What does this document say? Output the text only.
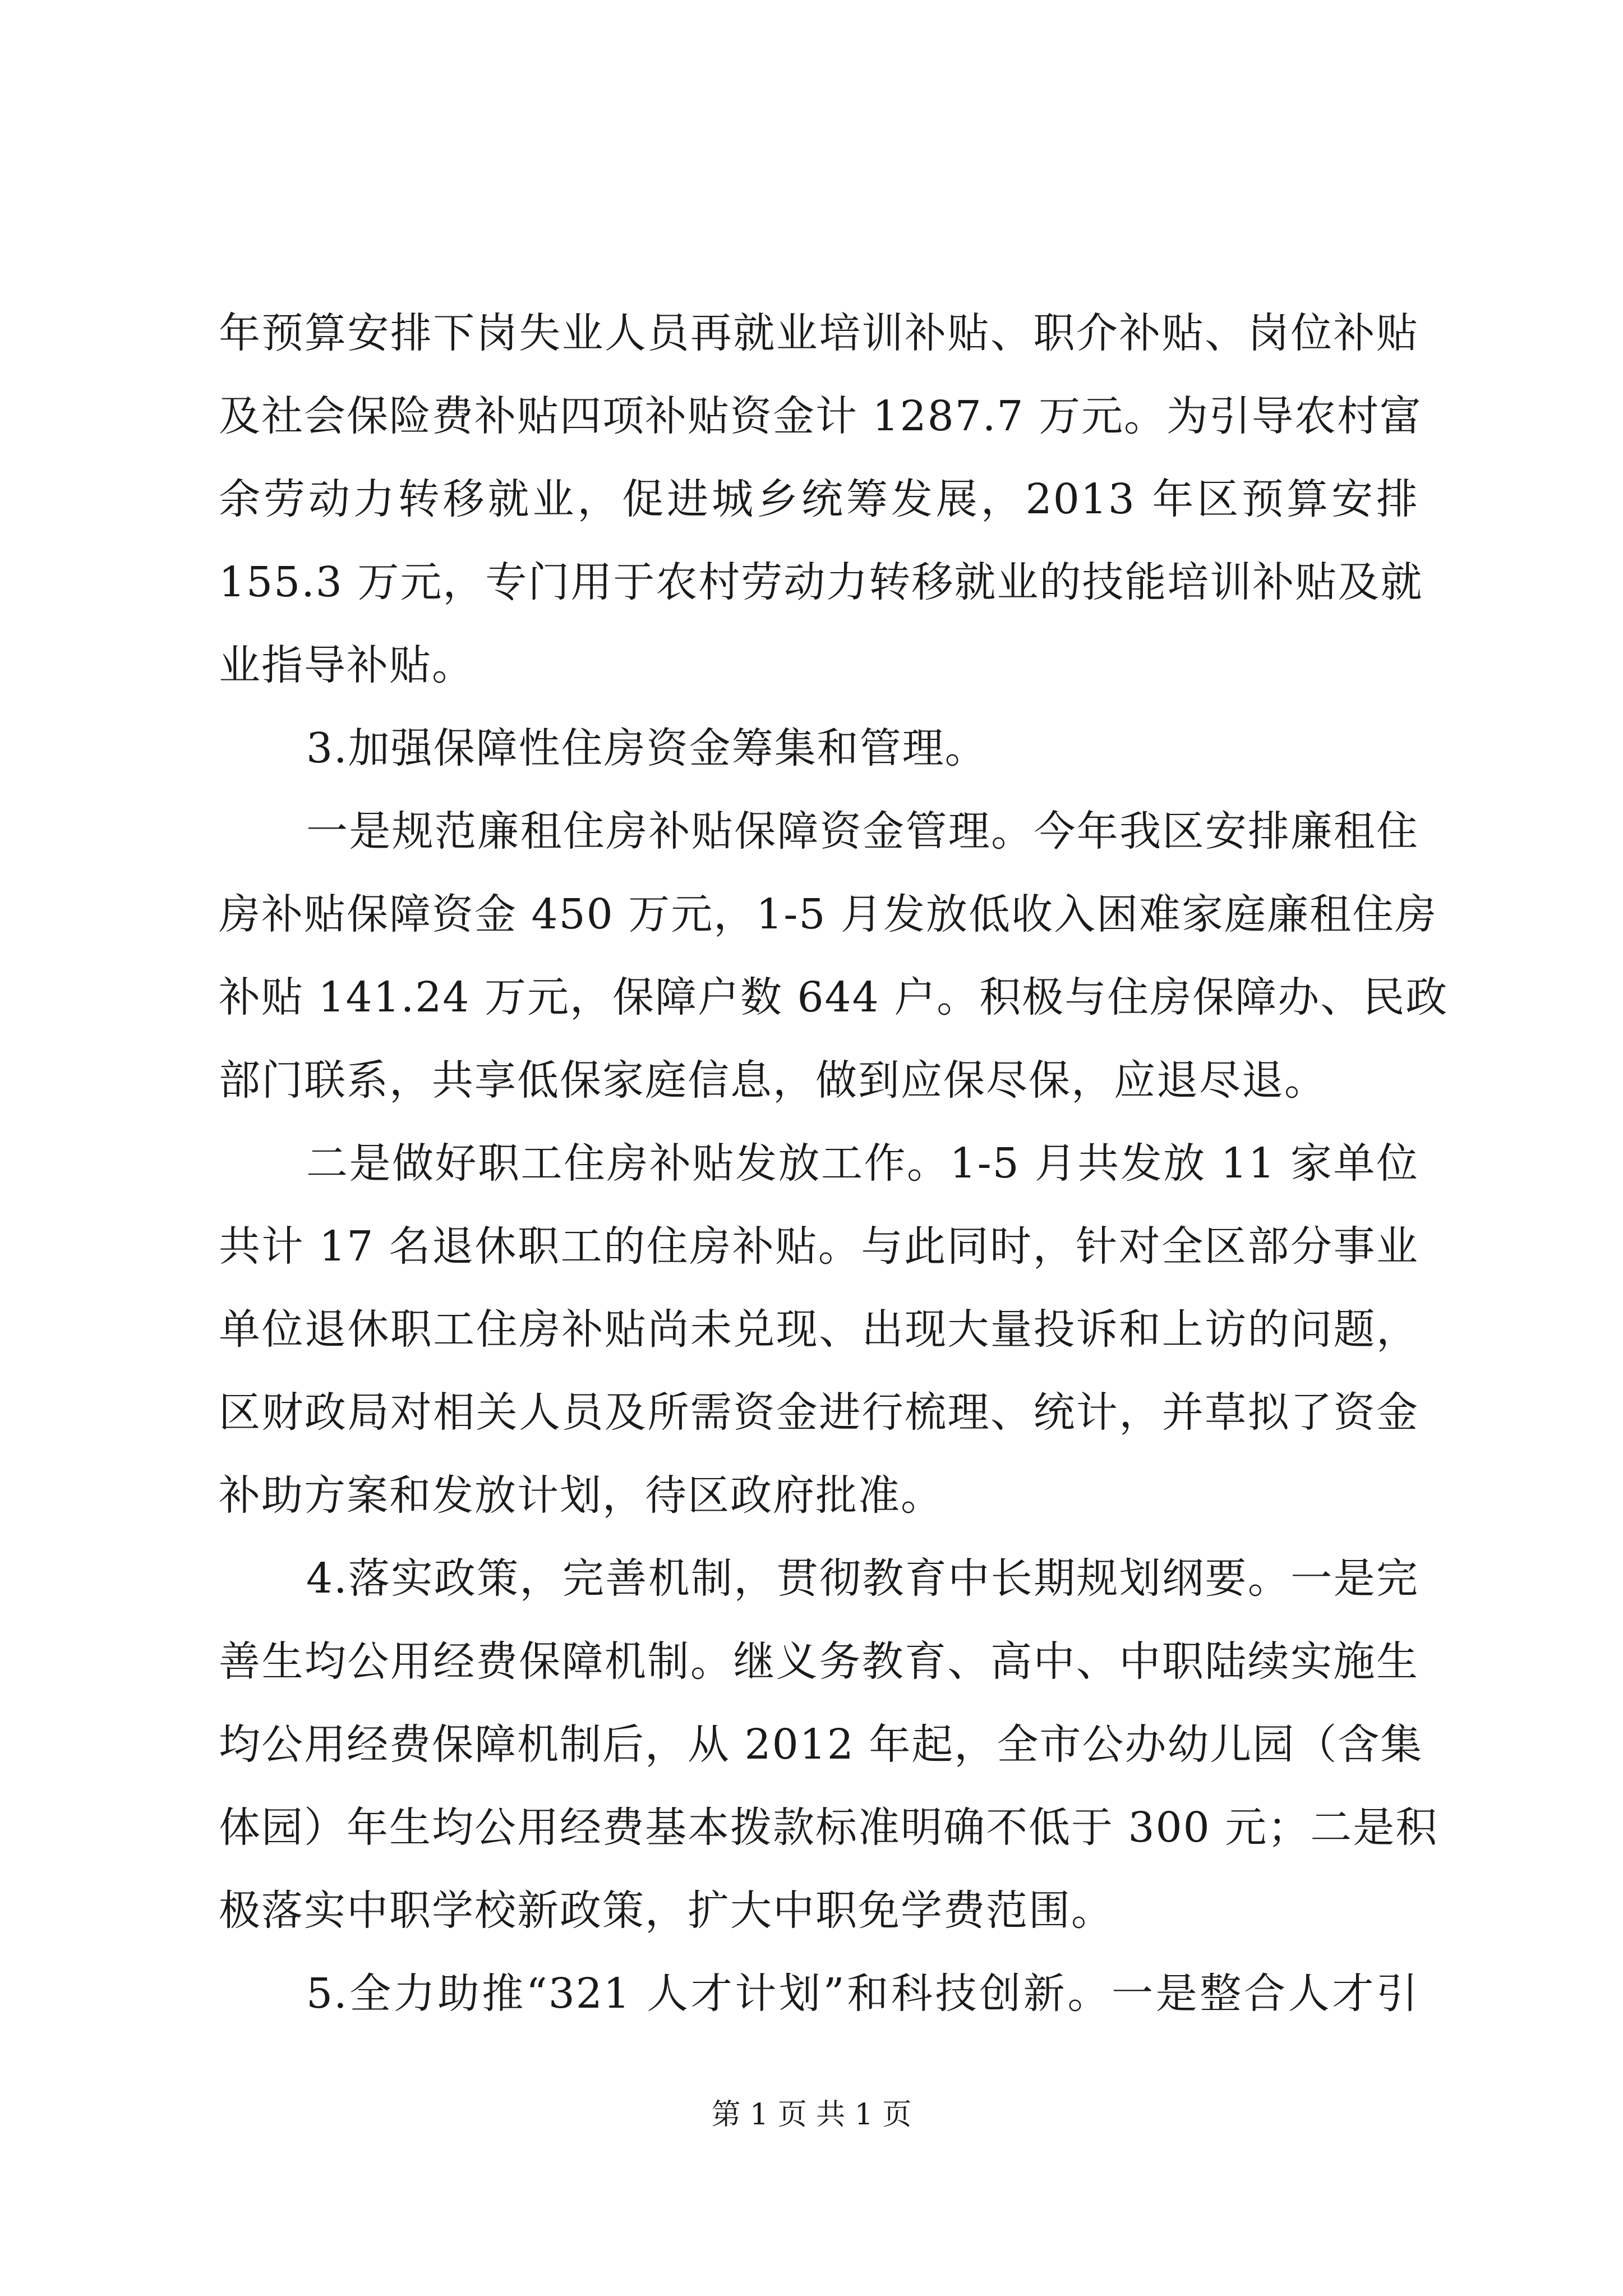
年预算安排下岗失业人员再就业培训补贴、职介补贴、岗位补贴
及社会保险费补贴四项补贴资金计 1287.7 万元。为引导农村富
余劳动力转移就业，促进城乡统筹发展，2013 年区预算安排
155.3 万元，专门用于农村劳动力转移就业的技能培训补贴及就
业指导补贴。
3.加强保障性住房资金筹集和管理。
一是规范廉租住房补贴保障资金管理。今年我区安排廉租住
房补贴保障资金 450 万元，1-5 月发放低收入困难家庭廉租住房
补贴 141.24 万元，保障户数 644 户。积极与住房保障办、民政
部门联系，共享低保家庭信息，做到应保尽保，应退尽退。
二是做好职工住房补贴发放工作。1-5 月共发放 11 家单位
共计 17 名退休职工的住房补贴。与此同时，针对全区部分事业
单位退休职工住房补贴尚未兑现、出现大量投诉和上访的问题，
区财政局对相关人员及所需资金进行梳理、统计，并草拟了资金
补助方案和发放计划，待区政府批准。
4.落实政策，完善机制，贯彻教育中长期规划纲要。一是完
善生均公用经费保障机制。继义务教育、高中、中职陆续实施生
均公用经费保障机制后，从 2012 年起，全市公办幼儿园（含集
体园）年生均公用经费基本拨款标准明确不低于 300 元；二是积
极落实中职学校新政策，扩大中职免学费范围。
5.全力助推“321 人才计划”和科技创新。一是整合人才引
第 1 页 共 1 页
